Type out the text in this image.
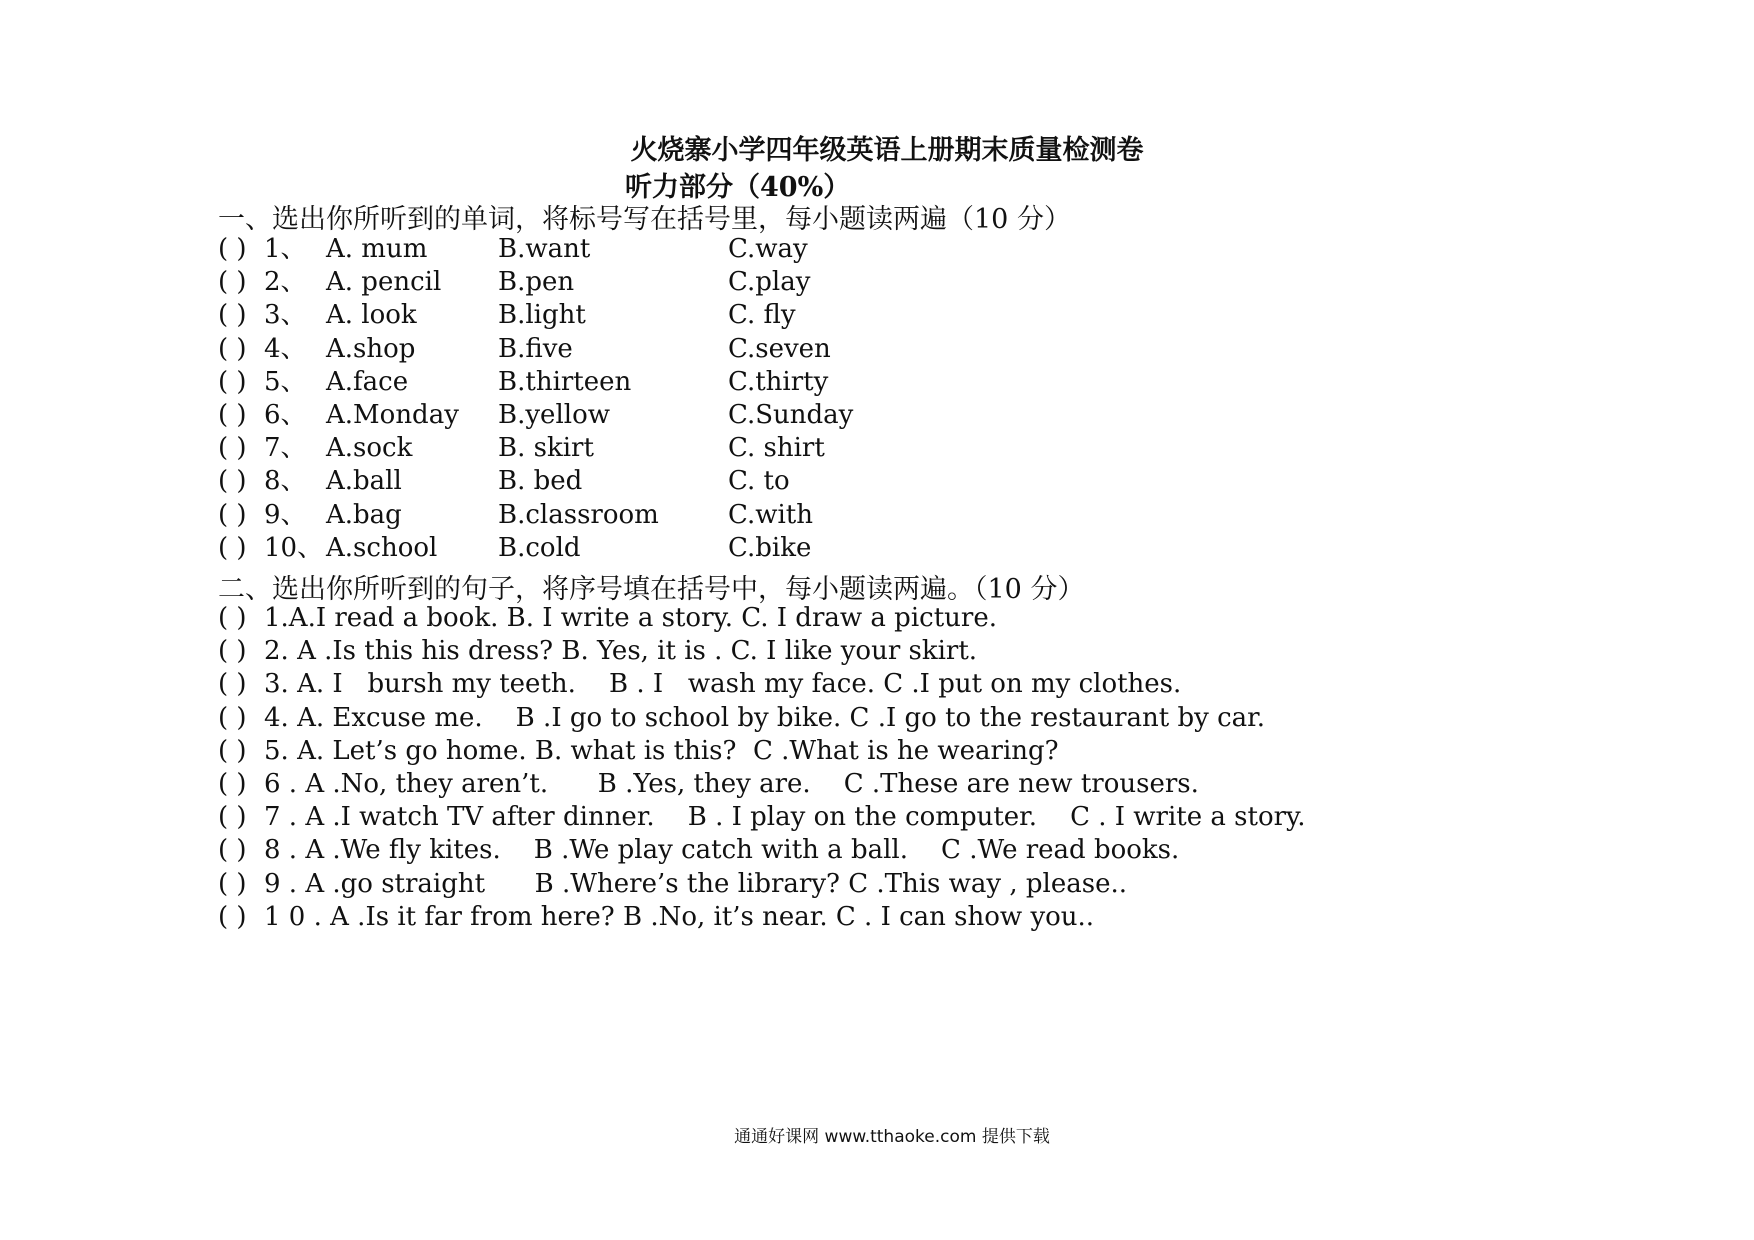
火烧寨小学四年级英语上册期末质量检测卷
听力部分（40%）
一、选出你所听到的单词，将标号写在括号里，每小题读两遍（10 分）
( ) 1、 A. mum	B.want	C.way
( ) 2、 A. pencil B.pen	C.play
( ) 3、 A. look	B.light	C. fly
( ) 4、 A.shop	B.five	C.seven
( ) 5、 A.face	B.thirteen	C.thirty
( ) 6、 A.Monday B.yellow	C.Sunday
( ) 7、 A.sock	B. skirt	C. shirt
( ) 8、 A.ball	B. bed	C. to
( ) 9、 A.bag	B.classroom	C.with
( ) 10、 A.school B.cold	C.bike
二、选出你所听到的句子，将序号填在括号中，每小题读两遍。（10 分）
( ) 1.A.I read a book. B. I write a story. C. I draw a picture.
( ) 2. A .Is this his dress? B. Yes, it is . C. I like your skirt.
( ) 3. A. I   bursh my teeth.    B . I   wash my face. C .I put on my clothes.
( ) 4. A. Excuse me.    B .I go to school by bike. C .I go to the restaurant by car.
( ) 5. A. Let’s go home. B. what is this?  C .What is he wearing?
( ) 6 . A .No, they aren’t.      B .Yes, they are.    C .These are new trousers.
( ) 7 . A .I watch TV after dinner.    B . I play on the computer.    C . I write a story.
( ) 8 . A .We fly kites.    B .We play catch with a ball.    C .We read books.
( ) 9 . A .go straight      B .Where’s the library? C .This way , please..
( ) 1 0 . A .Is it far from here? B .No, it’s near. C . I can show you..
通通好课网 www.tthaoke.com 提供下载
